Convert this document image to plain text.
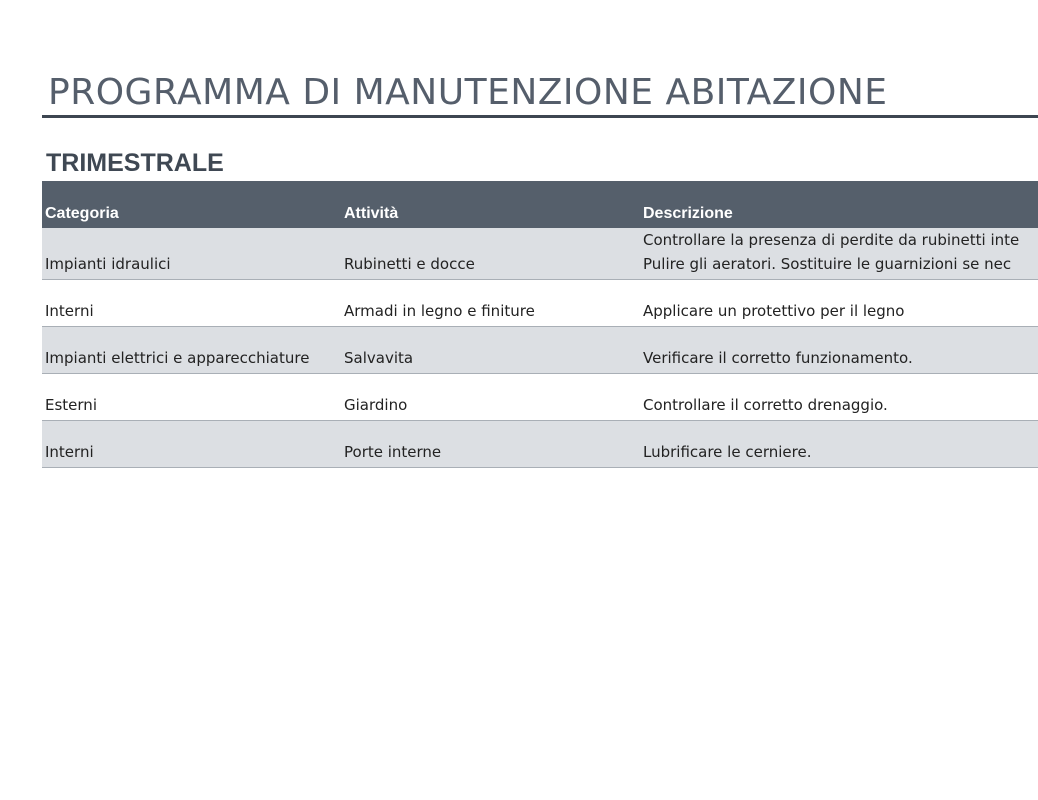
PROGRAMMA DI MANUTENZIONE ABITAZIONE
TRIMESTRALE
Categoria	Attività	Descrizione
Impianti idraulici	Rubinetti e docce	Controllare la presenza di perdite da rubinetti inte
Pulire gli aeratori. Sostituire le guarnizioni se nec

Interni	Armadi in legno e finiture	Applicare un protettivo per il legno

Impianti elettrici e apparecchiature	Salvavita	Verificare il corretto funzionamento.

Esterni	Giardino	Controllare il corretto drenaggio.

Interni	Porte interne	Lubrificare le cerniere.
